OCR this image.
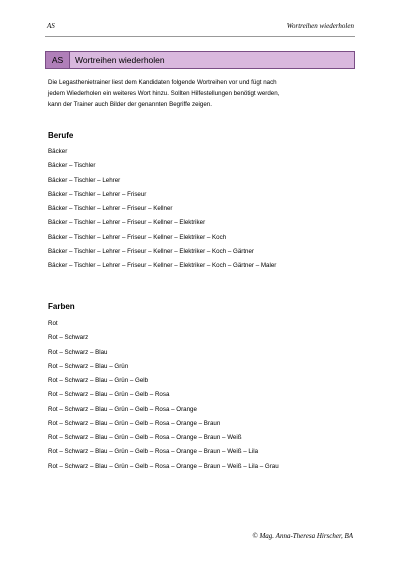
AS	Wortreihen wiederholen
AS	Wortreihen wiederholen
Die Legasthenietrainer liest dem Kandidaten folgende Wortreihen vor und fügt nach
jedem Wiederholen ein weiteres Wort hinzu. Sollten Hilfestellungen benötigt werden,
kann der Trainer auch Bilder der genannten Begriffe zeigen.
Berufe
Bäcker
Bäcker – Tischler
Bäcker – Tischler – Lehrer
Bäcker – Tischler – Lehrer – Friseur
Bäcker – Tischler – Lehrer – Friseur – Kellner
Bäcker – Tischler – Lehrer – Friseur – Kellner – Elektriker
Bäcker – Tischler – Lehrer – Friseur – Kellner – Elektriker – Koch
Bäcker – Tischler – Lehrer – Friseur – Kellner – Elektriker – Koch – Gärtner
Bäcker – Tischler – Lehrer – Friseur – Kellner – Elektriker – Koch – Gärtner – Maler
Farben
Rot
Rot – Schwarz
Rot – Schwarz – Blau
Rot – Schwarz – Blau – Grün
Rot – Schwarz – Blau – Grün – Gelb
Rot – Schwarz – Blau – Grün – Gelb – Rosa
Rot – Schwarz – Blau – Grün – Gelb – Rosa – Orange
Rot – Schwarz – Blau – Grün – Gelb – Rosa – Orange – Braun
Rot – Schwarz – Blau – Grün – Gelb – Rosa – Orange – Braun – Weiß
Rot – Schwarz – Blau – Grün – Gelb – Rosa – Orange – Braun – Weiß – Lila
Rot – Schwarz – Blau – Grün – Gelb – Rosa – Orange – Braun – Weiß – Lila – Grau
© Mag. Anna-Theresa Hirscher, BA
